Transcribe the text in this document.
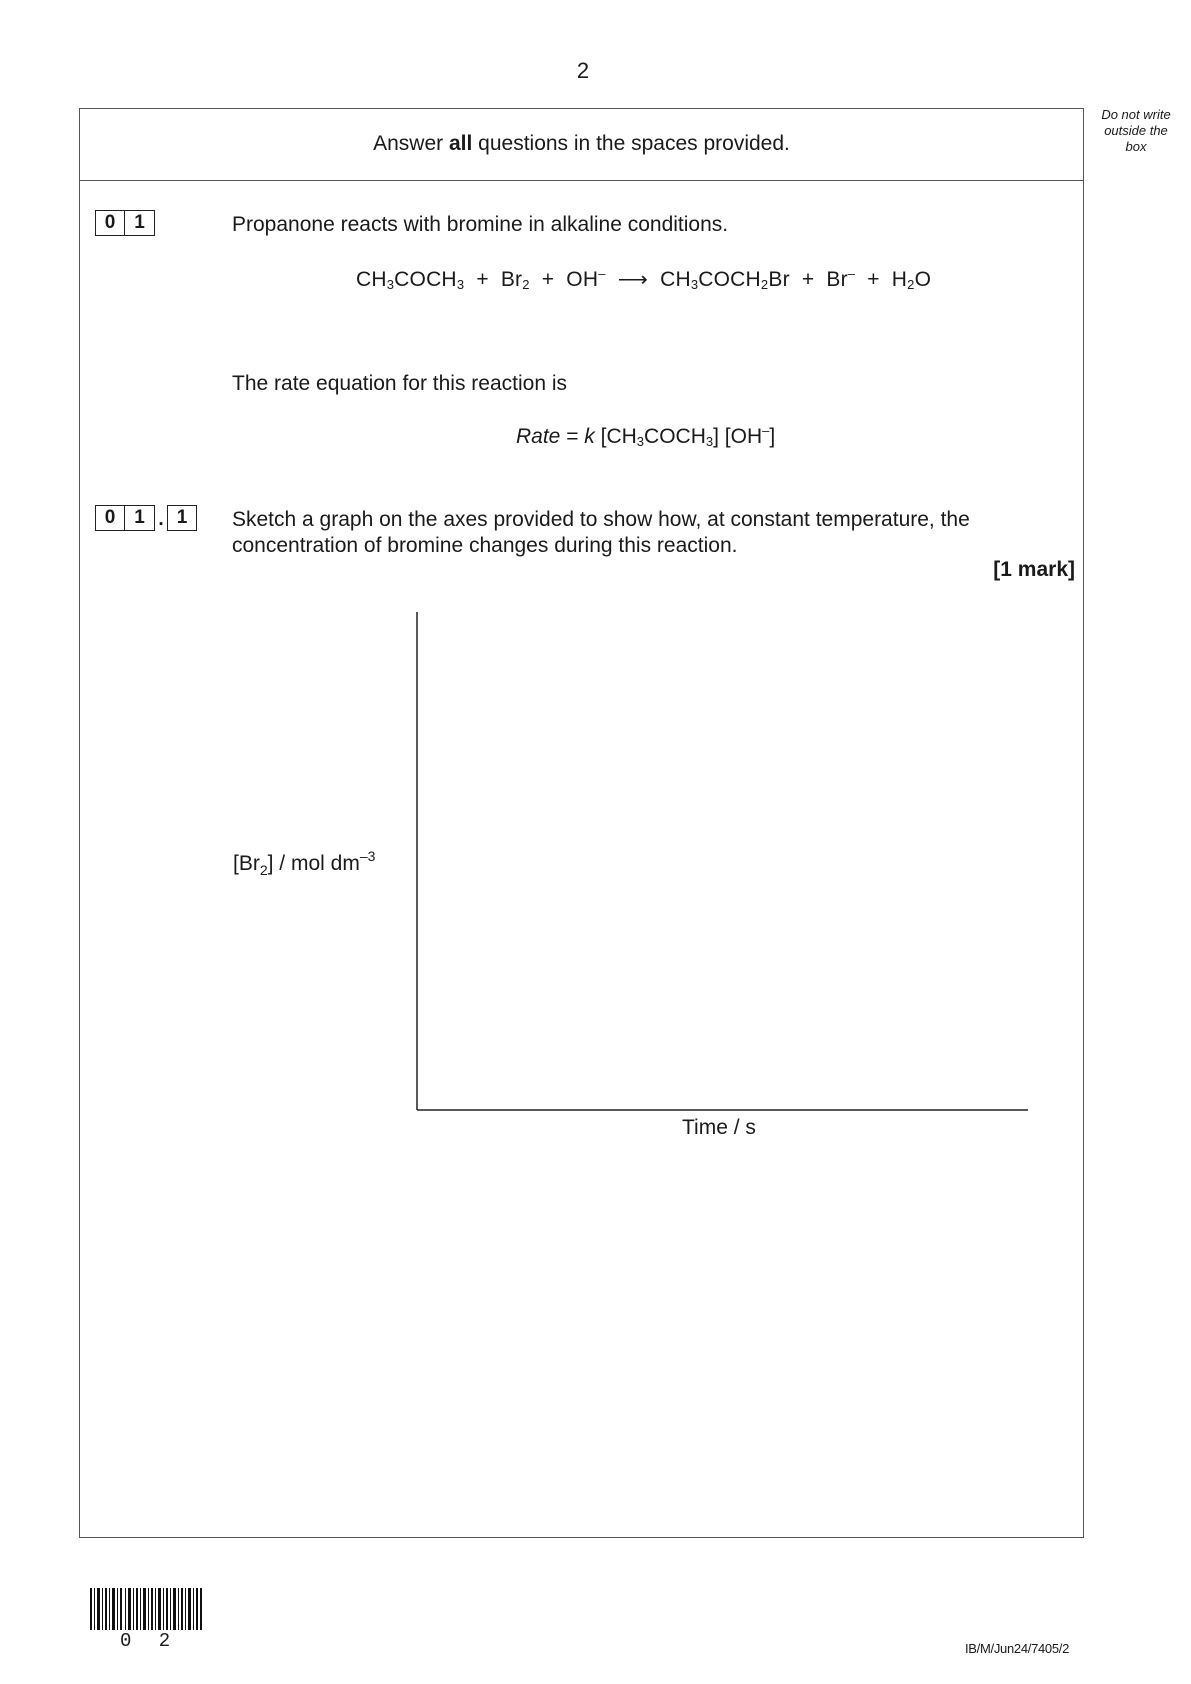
2
Do not write outside the box
Answer all questions in the spaces provided.
0 1	Propanone reacts with bromine in alkaline conditions.
$CH_3COCH_3 + Br_2 + OH^-$  ⟶  $CH_3COCH_2Br + Br^- + H_2O$
The rate equation for this reaction is
Rate = k $[CH_3COCH_3]$ [OH–]
0 1 . 1	Sketch a graph on the axes provided to show how, at constant temperature, the concentration of bromine changes during this reaction.
[1 mark]
$[Br_2]$ / mol $dm^{-3}$
Time / s
0 2	IB/M/Jun24/7405/2
